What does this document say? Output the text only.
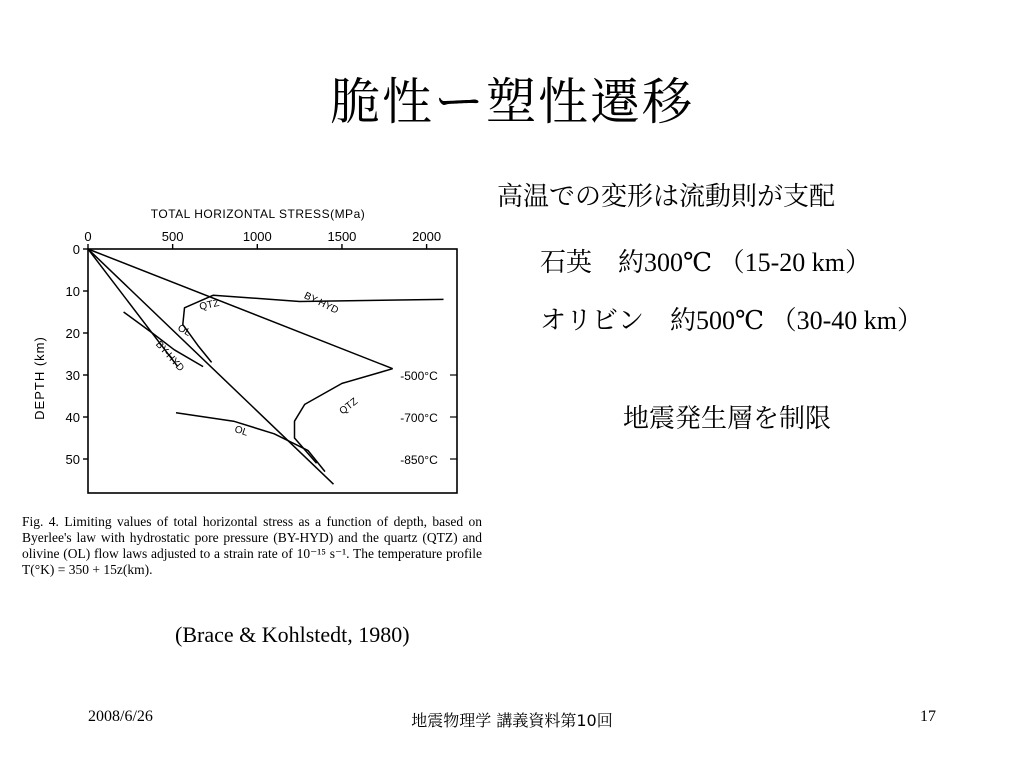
脆性ー塑性遷移
高温での変形は流動則が支配
石英　約300℃ （15-20 km）
オリビン　約500℃ （30-40 km）
地震発生層を制限
TOTAL HORIZONTAL STRESS(MPa)
DEPTH (km)
0	500	1000	1500	2000
0
10
20
30
40
50
-500°C
-700°C
-850°C
BY-HYD
QTZ
OL
BY-HYD
QTZ
OL
Fig. 4. Limiting values of total horizontal stress as a function of depth, based on Byerlee's law with hydrostatic pore pressure (BY-HYD) and the quartz (QTZ) and olivine (OL) flow laws adjusted to a strain rate of 10⁻¹⁵ s⁻¹. The temperature profile T(°K) = 350 + 15z(km).
(Brace & Kohlstedt, 1980)
2008/6/26	地震物理学 講義資料第10回	17
